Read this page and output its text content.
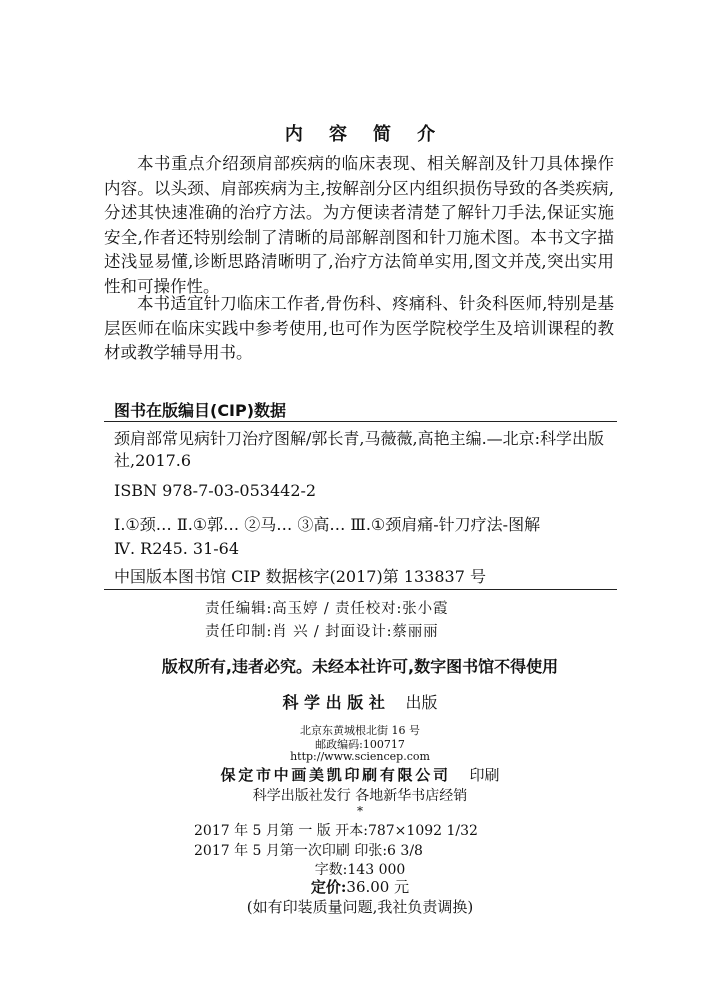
内 容 简 介

本书重点介绍颈肩部疾病的临床表现、相关解剖及针刀具体操作内容。以头颈、肩部疾病为主,按解剖分区内组织损伤导致的各类疾病,分述其快速准确的治疗方法。为方便读者清楚了解针刀手法,保证实施安全,作者还特别绘制了清晰的局部解剖图和针刀施术图。本书文字描述浅显易懂,诊断思路清晰明了,治疗方法简单实用,图文并茂,突出实用性和可操作性。

本书适宜针刀临床工作者,骨伤科、疼痛科、针灸科医师,特别是基层医师在临床实践中参考使用,也可作为医学院校学生及培训课程的教材或教学辅导用书。

图书在版编目(CIP)数据

颈肩部常见病针刀治疗图解/郭长青,马薇薇,高艳主编.—北京:科学出版社,2017.6

ISBN 978-7-03-053442-2
Ⅰ.①颈… Ⅱ.①郭… ②马… ③高… Ⅲ.①颈肩痛-针刀疗法-图解
Ⅳ. R245. 31-64
中国版本图书馆 CIP 数据核字(2017)第 133837 号
责任编辑:高玉婷 / 责任校对:张小霞
责任印制:肖 兴 / 封面设计:蔡丽丽
版权所有,违者必究。未经本社许可,数字图书馆不得使用
科学出版社 出版
北京东黄城根北街 16 号
邮政编码:100717
http://www.sciencep.com
保定市中画美凯印刷有限公司 印刷
科学出版社发行 各地新华书店经销
*
2017 年 5 月第 一 版 开本:787×1092 1/32
2017 年 5 月第一次印刷 印张:6 3/8
字数:143 000
定价:36.00 元
(如有印装质量问题,我社负责调换)
